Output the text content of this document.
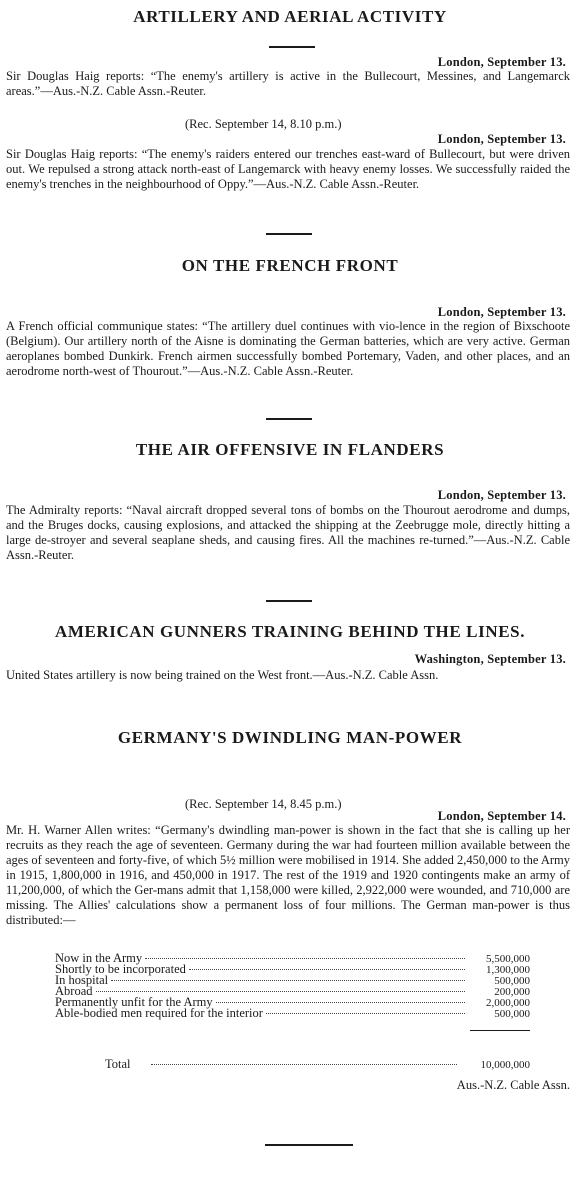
ARTILLERY AND AERIAL ACTIVITY
London, September 13.
Sir Douglas Haig reports: “The enemy's artillery is active in the Bullecourt, Messines, and Langemarck areas.”—Aus.-N.Z. Cable Assn.-Reuter.
(Rec. September 14, 8.10 p.m.)
London, September 13.
Sir Douglas Haig reports: “The enemy's raiders entered our trenches east-ward of Bullecourt, but were driven out. We repulsed a strong attack north-east of Langemarck with heavy enemy losses. We successfully raided the enemy's trenches in the neighbourhood of Oppy.”—Aus.-N.Z. Cable Assn.-Reuter.
ON THE FRENCH FRONT
London, September 13.
A French official communique states: “The artillery duel continues with vio-lence in the region of Bixschoote (Belgium). Our artillery north of the Aisne is dominating the German batteries, which are very active. German aeroplanes bombed Dunkirk. French airmen successfully bombed Portemary, Vaden, and other places, and an aerodrome north-west of Thourout.”—Aus.-N.Z. Cable Assn.-Reuter.
THE AIR OFFENSIVE IN FLANDERS
London, September 13.
The Admiralty reports: “Naval aircraft dropped several tons of bombs on the Thourout aerodrome and dumps, and the Bruges docks, causing explosions, and attacked the shipping at the Zeebrugge mole, directly hitting a large de-stroyer and several seaplane sheds, and causing fires. All the machines re-turned.”—Aus.-N.Z. Cable Assn.-Reuter.
AMERICAN GUNNERS TRAINING BEHIND THE LINES.
Washington, September 13.
United States artillery is now being trained on the West front.—Aus.-N.Z. Cable Assn.
GERMANY'S DWINDLING MAN-POWER
(Rec. September 14, 8.45 p.m.)
London, September 14.
Mr. H. Warner Allen writes: “Germany's dwindling man-power is shown in the fact that she is calling up her recruits as they reach the age of seventeen. Germany during the war had fourteen million available between the ages of seventeen and forty-five, of which 5½ million were mobilised in 1914. She added 2,450,000 to the Army in 1915, 1,800,000 in 1916, and 450,000 in 1917. The rest of the 1919 and 1920 contingents make an army of 11,200,000, of which the Ger-mans admit that 1,158,000 were killed, 2,922,000 were wounded, and 710,000 are missing. The Allies' calculations show a permanent loss of four millions. The German man-power is thus distributed:—
Now in the Army	5,500,000
Shortly to be incorporated	1,300,000
In hospital	500,000
Abroad	200,000
Permanently unfit for the Army	2,000,000
Able-bodied men required for the interior	500,000
Total	10,000,000
Aus.-N.Z. Cable Assn.
